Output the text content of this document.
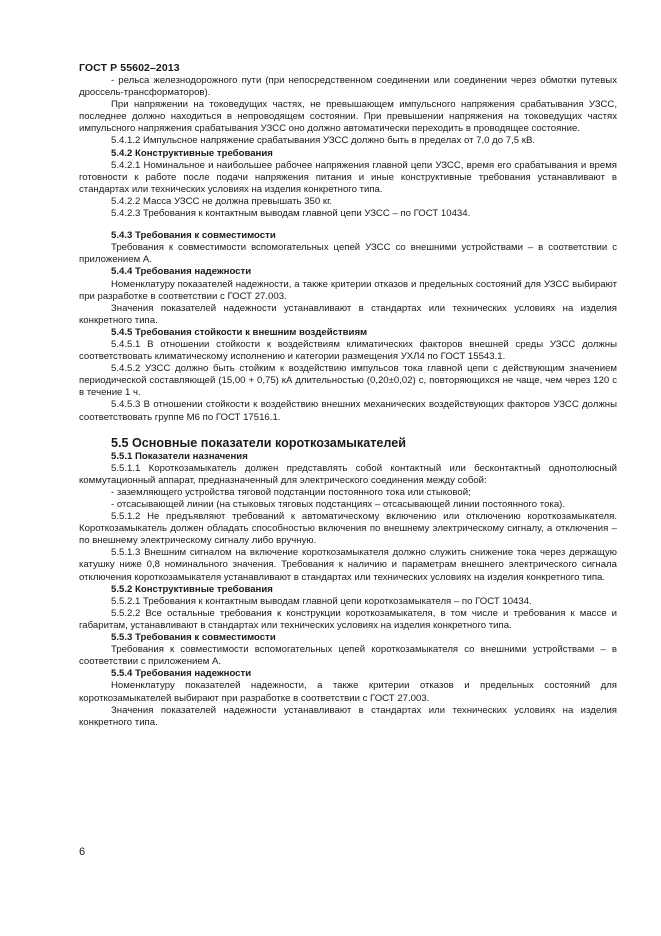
ГОСТ Р 55602–2013

- рельса железнодорожного пути (при непосредственном соединении или соединении через обмотки путевых дроссель-трансформаторов).

При напряжении на токоведущих частях, не превышающем импульсного напряжения срабатывания УЗСС, последнее должно находиться в непроводящем состоянии. При превышении напряжения на токоведущих частях импульсного напряжения срабатывания УЗСС оно должно автоматически переходить в проводящее состояние.

5.4.1.2 Импульсное напряжение срабатывания УЗСС должно быть в пределах от 7,0 до 7,5 кВ.

5.4.2 Конструктивные требования

5.4.2.1 Номинальное и наибольшее рабочее напряжения главной цепи УЗСС, время его срабатывания и время готовности к работе после подачи напряжения питания и иные конструктивные требования устанавливают в стандартах или технических условиях на изделия конкретного типа.

5.4.2.2 Масса УЗСС не должна превышать 350 кг.

5.4.2.3 Требования к контактным выводам главной цепи УЗСС – по ГОСТ 10434.

5.4.3 Требования к совместимости

Требования к совместимости вспомогательных цепей УЗСС со внешними устройствами – в соответствии с приложением А.

5.4.4 Требования надежности

Номенклатуру показателей надежности, а также критерии отказов и предельных состояний для УЗСС выбирают при разработке в соответствии с ГОСТ 27.003.

Значения показателей надежности устанавливают в стандартах или технических условиях на изделия конкретного типа.

5.4.5 Требования стойкости к внешним воздействиям

5.4.5.1 В отношении стойкости к воздействиям климатических факторов внешней среды УЗСС должны соответствовать климатическому исполнению и категории размещения УХЛ4 по ГОСТ 15543.1.

5.4.5.2 УЗСС должно быть стойким к воздействию импульсов тока главной цепи с действующим значением периодической составляющей (15,00 + 0,75) кА длительностью (0,20±0,02) с, повторяющихся не чаще, чем через 120 с в течение 1 ч.

5.4.5.3 В отношении стойкости к воздействию внешних механических воздействующих факторов УЗСС должны соответствовать группе М6 по ГОСТ 17516.1.

5.5 Основные показатели короткозамыкателей

5.5.1 Показатели назначения

5.5.1.1 Короткозамыкатель должен представлять собой контактный или бесконтактный одноπолюсный коммутационный аппарат, предназначенный для электрического соединения между собой:

- заземляющего устройства тяговой подстанции постоянного тока или стыковой;

- отсасывающей линии (на стыковых тяговых подстанциях – отсасывающей линии постоянного тока).

5.5.1.2 Не предъявляют требований к автоматическому включению или отключению короткозамыкателя. Короткозамыкатель должен обладать способностью включения по внешнему электрическому сигналу, а отключения – по внешнему электрическому сигналу либо вручную.

5.5.1.3 Внешним сигналом на включение короткозамыкателя должно служить снижение тока через держащую катушку ниже 0,8 номинального значения. Требования к наличию и параметрам внешнего электрического сигнала отключения короткозамыкателя устанавливают в стандартах или технических условиях на изделия конкретного типа.

5.5.2 Конструктивные требования

5.5.2.1 Требования к контактным выводам главной цепи короткозамыкателя – по ГОСТ 10434.

5.5.2.2 Все остальные требования к конструкции короткозамыкателя, в том числе и требования к массе и габаритам, устанавливают в стандартах или технических условиях на изделия конкретного типа.

5.5.3 Требования к совместимости

Требования к совместимости вспомогательных цепей короткозамыкателя со внешними устройствами – в соответствии с приложением А.

5.5.4 Требования надежности

Номенклатуру показателей надежности, а также критерии отказов и предельных состояний для короткозамыкателей выбирают при разработке в соответствии с ГОСТ 27.003.

Значения показателей надежности устанавливают в стандартах или технических условиях на изделия конкретного типа.

6
